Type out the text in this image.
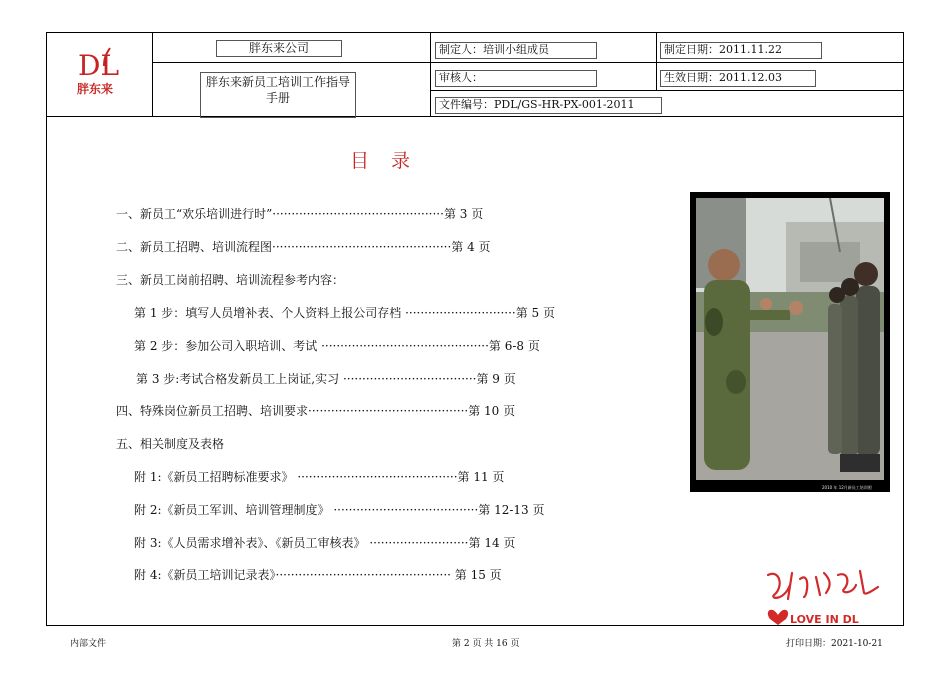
DL
胖东来
胖东来公司
胖东来新员工培训工作指导手册
制定人：培训小组成员
审核人：
文件编号：PDL/GS-HR-PX-001-2011
制定日期：2011.11.22
生效日期：2011.12.03
目 录
一、新员工“欢乐培训进行时”·············································第 3 页
二、新员工招聘、培训流程图···············································第 4 页
三、新员工岗前招聘、培训流程参考内容：
第 1 步：填写人员增补表、个人资料上报公司存档 ·····························第 5 页
第 2 步：参加公司入职培训、考试 ············································第 6-8 页
第 3 步:考试合格发新员工上岗证,实习 ···································第 9 页
四、特殊岗位新员工招聘、培训要求··········································第 10 页
五、相关制度及表格
附 1:《新员工招聘标准要求》 ··········································第 11 页
附 2:《新员工军训、培训管理制度》 ······································第 12-13 页
附 3:《人员需求增补表》、《新员工审核表》 ··························第 14 页
附 4:《新员工培训记录表》·············································· 第 15 页
2010 年 12月新员工培训照
LOVE IN DL
内部文件	第 2 页 共 16 页	打印日期：2021-10-21
